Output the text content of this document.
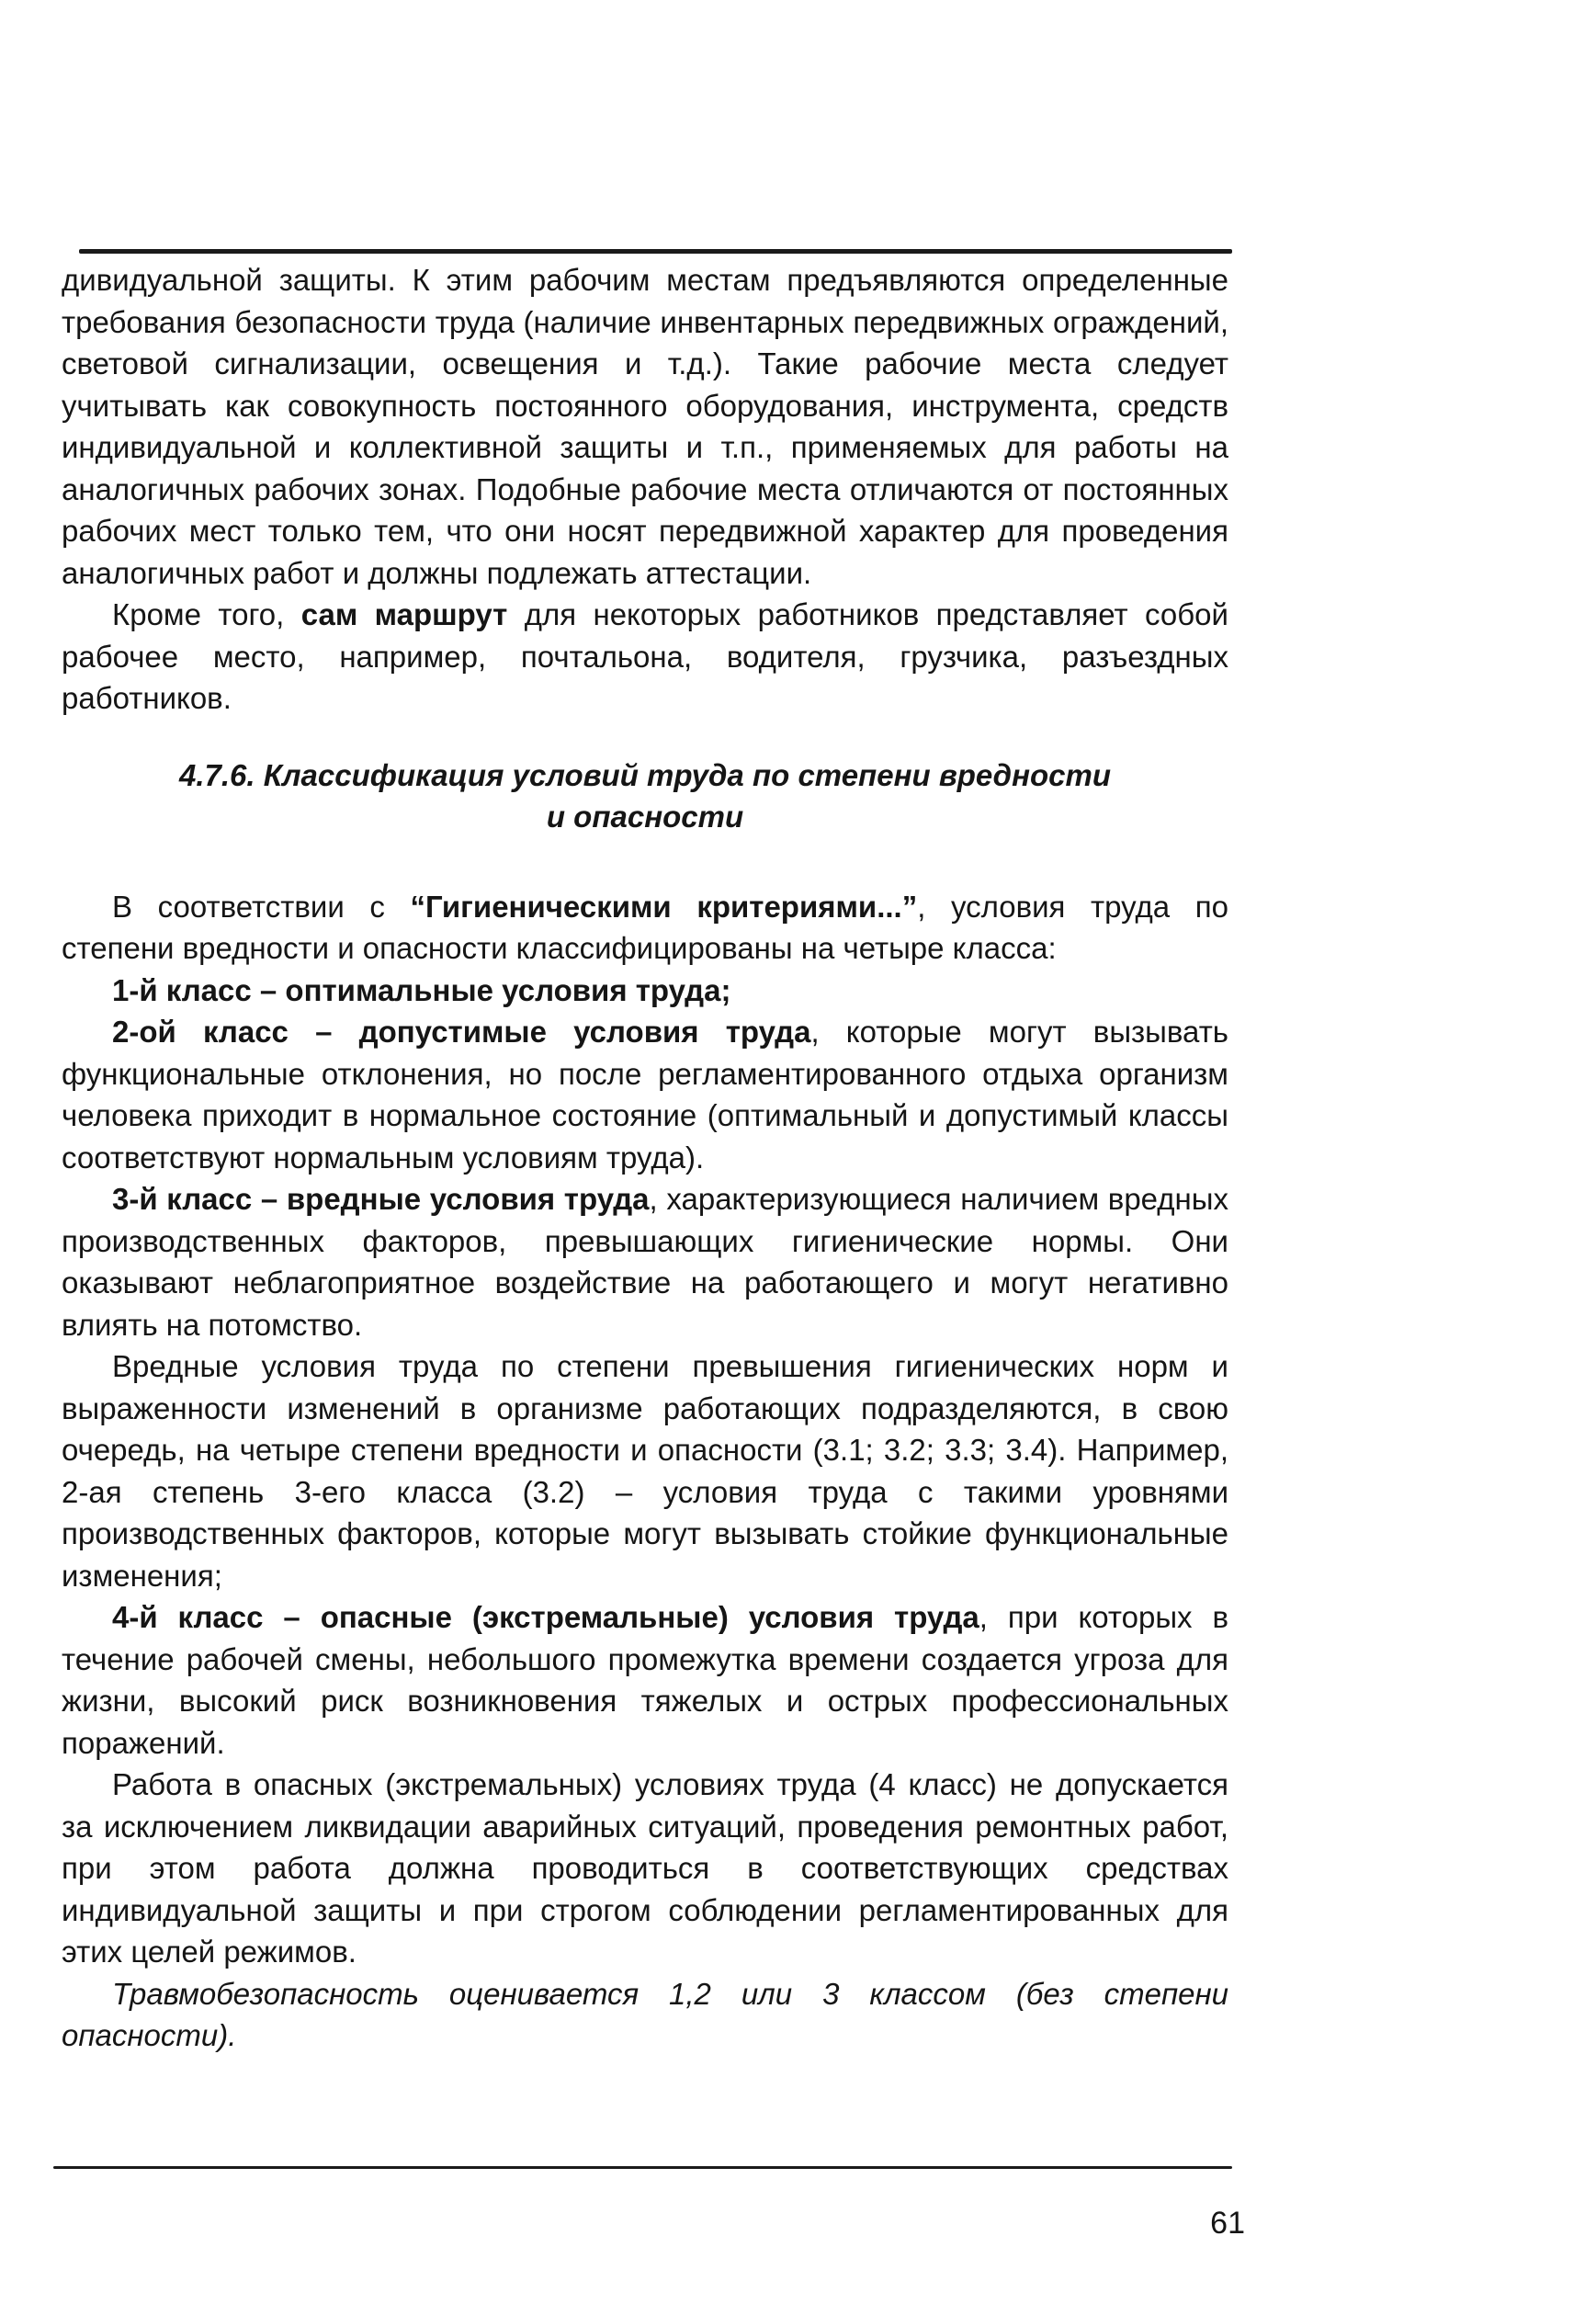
дивидуальной защиты. К этим рабочим местам предъявляются определенные требования безопасности труда (наличие инвентарных передвижных ограждений, световой сигнализации, освещения и т.д.). Такие рабочие места следует учитывать как совокупность постоянного оборудования, инструмента, средств индивидуальной и коллективной защиты и т.п., применяемых для работы на аналогичных рабочих зонах. Подобные рабочие места отличаются от постоянных рабочих мест только тем, что они носят передвижной характер для проведения аналогичных работ и должны подлежать аттестации.

Кроме того, сам маршрут для некоторых работников представляет собой рабочее место, например, почтальона, водителя, грузчика, разъездных работников.

4.7.6. Классификация условий труда по степени вредности
и опасности

В соответствии с “Гигиеническими критериями...”, условия труда по степени вредности и опасности классифицированы на четыре класса:

1-й класс – оптимальные условия труда;

2-ой класс – допустимые условия труда, которые могут вызывать функциональные отклонения, но после регламентированного отдыха организм человека приходит в нормальное состояние (оптимальный и допустимый классы соответствуют нормальным условиям труда).

3-й класс – вредные условия труда, характеризующиеся наличием вредных производственных факторов, превышающих гигиенические нормы. Они оказывают неблагоприятное воздействие на работающего и могут негативно влиять на потомство.

Вредные условия труда по степени превышения гигиенических норм и выраженности изменений в организме работающих подразделяются, в свою очередь, на четыре степени вредности и опасности (3.1; 3.2; 3.3; 3.4). Например, 2-ая степень 3-его класса (3.2) – условия труда с такими уровнями производственных факторов, которые могут вызывать стойкие функциональные изменения;

4-й класс – опасные (экстремальные) условия труда, при которых в течение рабочей смены, небольшого промежутка времени создается угроза для жизни, высокий риск возникновения тяжелых и острых профессиональных поражений.

Работа в опасных (экстремальных) условиях труда (4 класс) не допускается за исключением ликвидации аварийных ситуаций, проведения ремонтных работ, при этом работа должна проводиться в соответствующих средствах индивидуальной защиты и при строгом соблюдении регламентированных для этих целей режимов.

Травмобезопасность оценивается 1,2 или 3 классом (без степени опасности).

61
